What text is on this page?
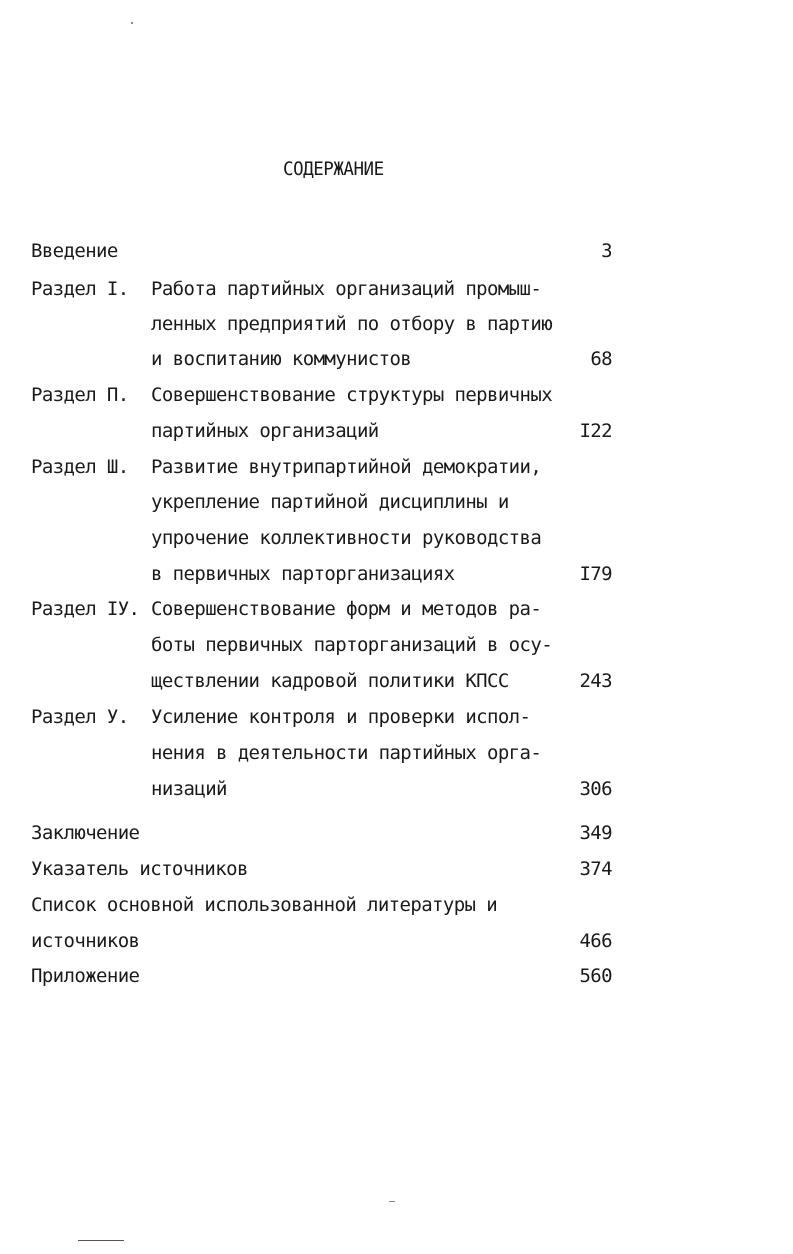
СОДЕРЖАНИЕ
Введение	3
Раздел I. Работа партийных организаций промыш-
ленных предприятий по отбору в партию
и воспитанию коммунистов	68
Раздел П. Совершенствование структуры первичных
партийных организаций	I22
Раздел Ш. Развитие внутрипартийной демократии,
укрепление партийной дисциплины и
упрочение коллективности руководства
в первичных парторганизациях	I79
Раздел IУ. Совершенствование форм и методов ра-
боты первичных парторганизаций в осу-
ществлении кадровой политики КПСС	243
Раздел У. Усиление контроля и проверки испол-
нения в деятельности партийных орга-
низаций	306
Заключение	349
Указатель источников	374
Список основной использованной литературы и
источников	466
Приложение	560
